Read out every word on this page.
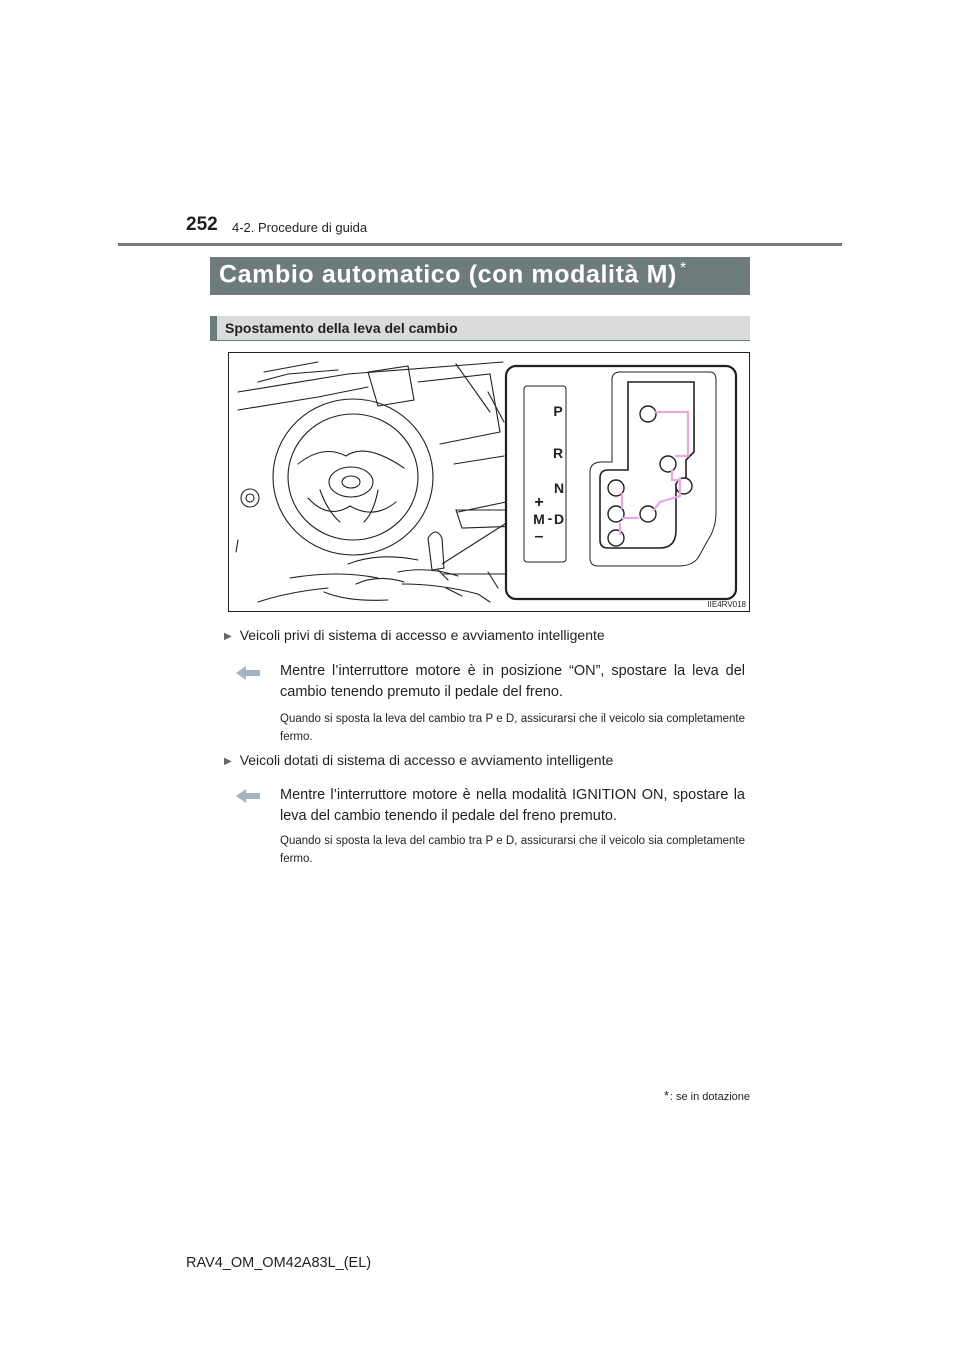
252 4-2. Procedure di guida
Cambio automatico (con modalità M) *
Spostamento della leva del cambio
P
R
N
D
M
+
-
–
IIE4RV018
▶ Veicoli privi di sistema di accesso e avviamento intelligente
Mentre l’interruttore motore è in posizione “ON”, spostare la leva del cambio tenendo premuto il pedale del freno.
Quando si sposta la leva del cambio tra P e D, assicurarsi che il veicolo sia completamente fermo.
▶ Veicoli dotati di sistema di accesso e avviamento intelligente
Mentre l’interruttore motore è nella modalità IGNITION ON, spostare la leva del cambio tenendo il pedale del freno premuto.
Quando si sposta la leva del cambio tra P e D, assicurarsi che il veicolo sia completamente fermo.
*: se in dotazione
RAV4_OM_OM42A83L_(EL)
